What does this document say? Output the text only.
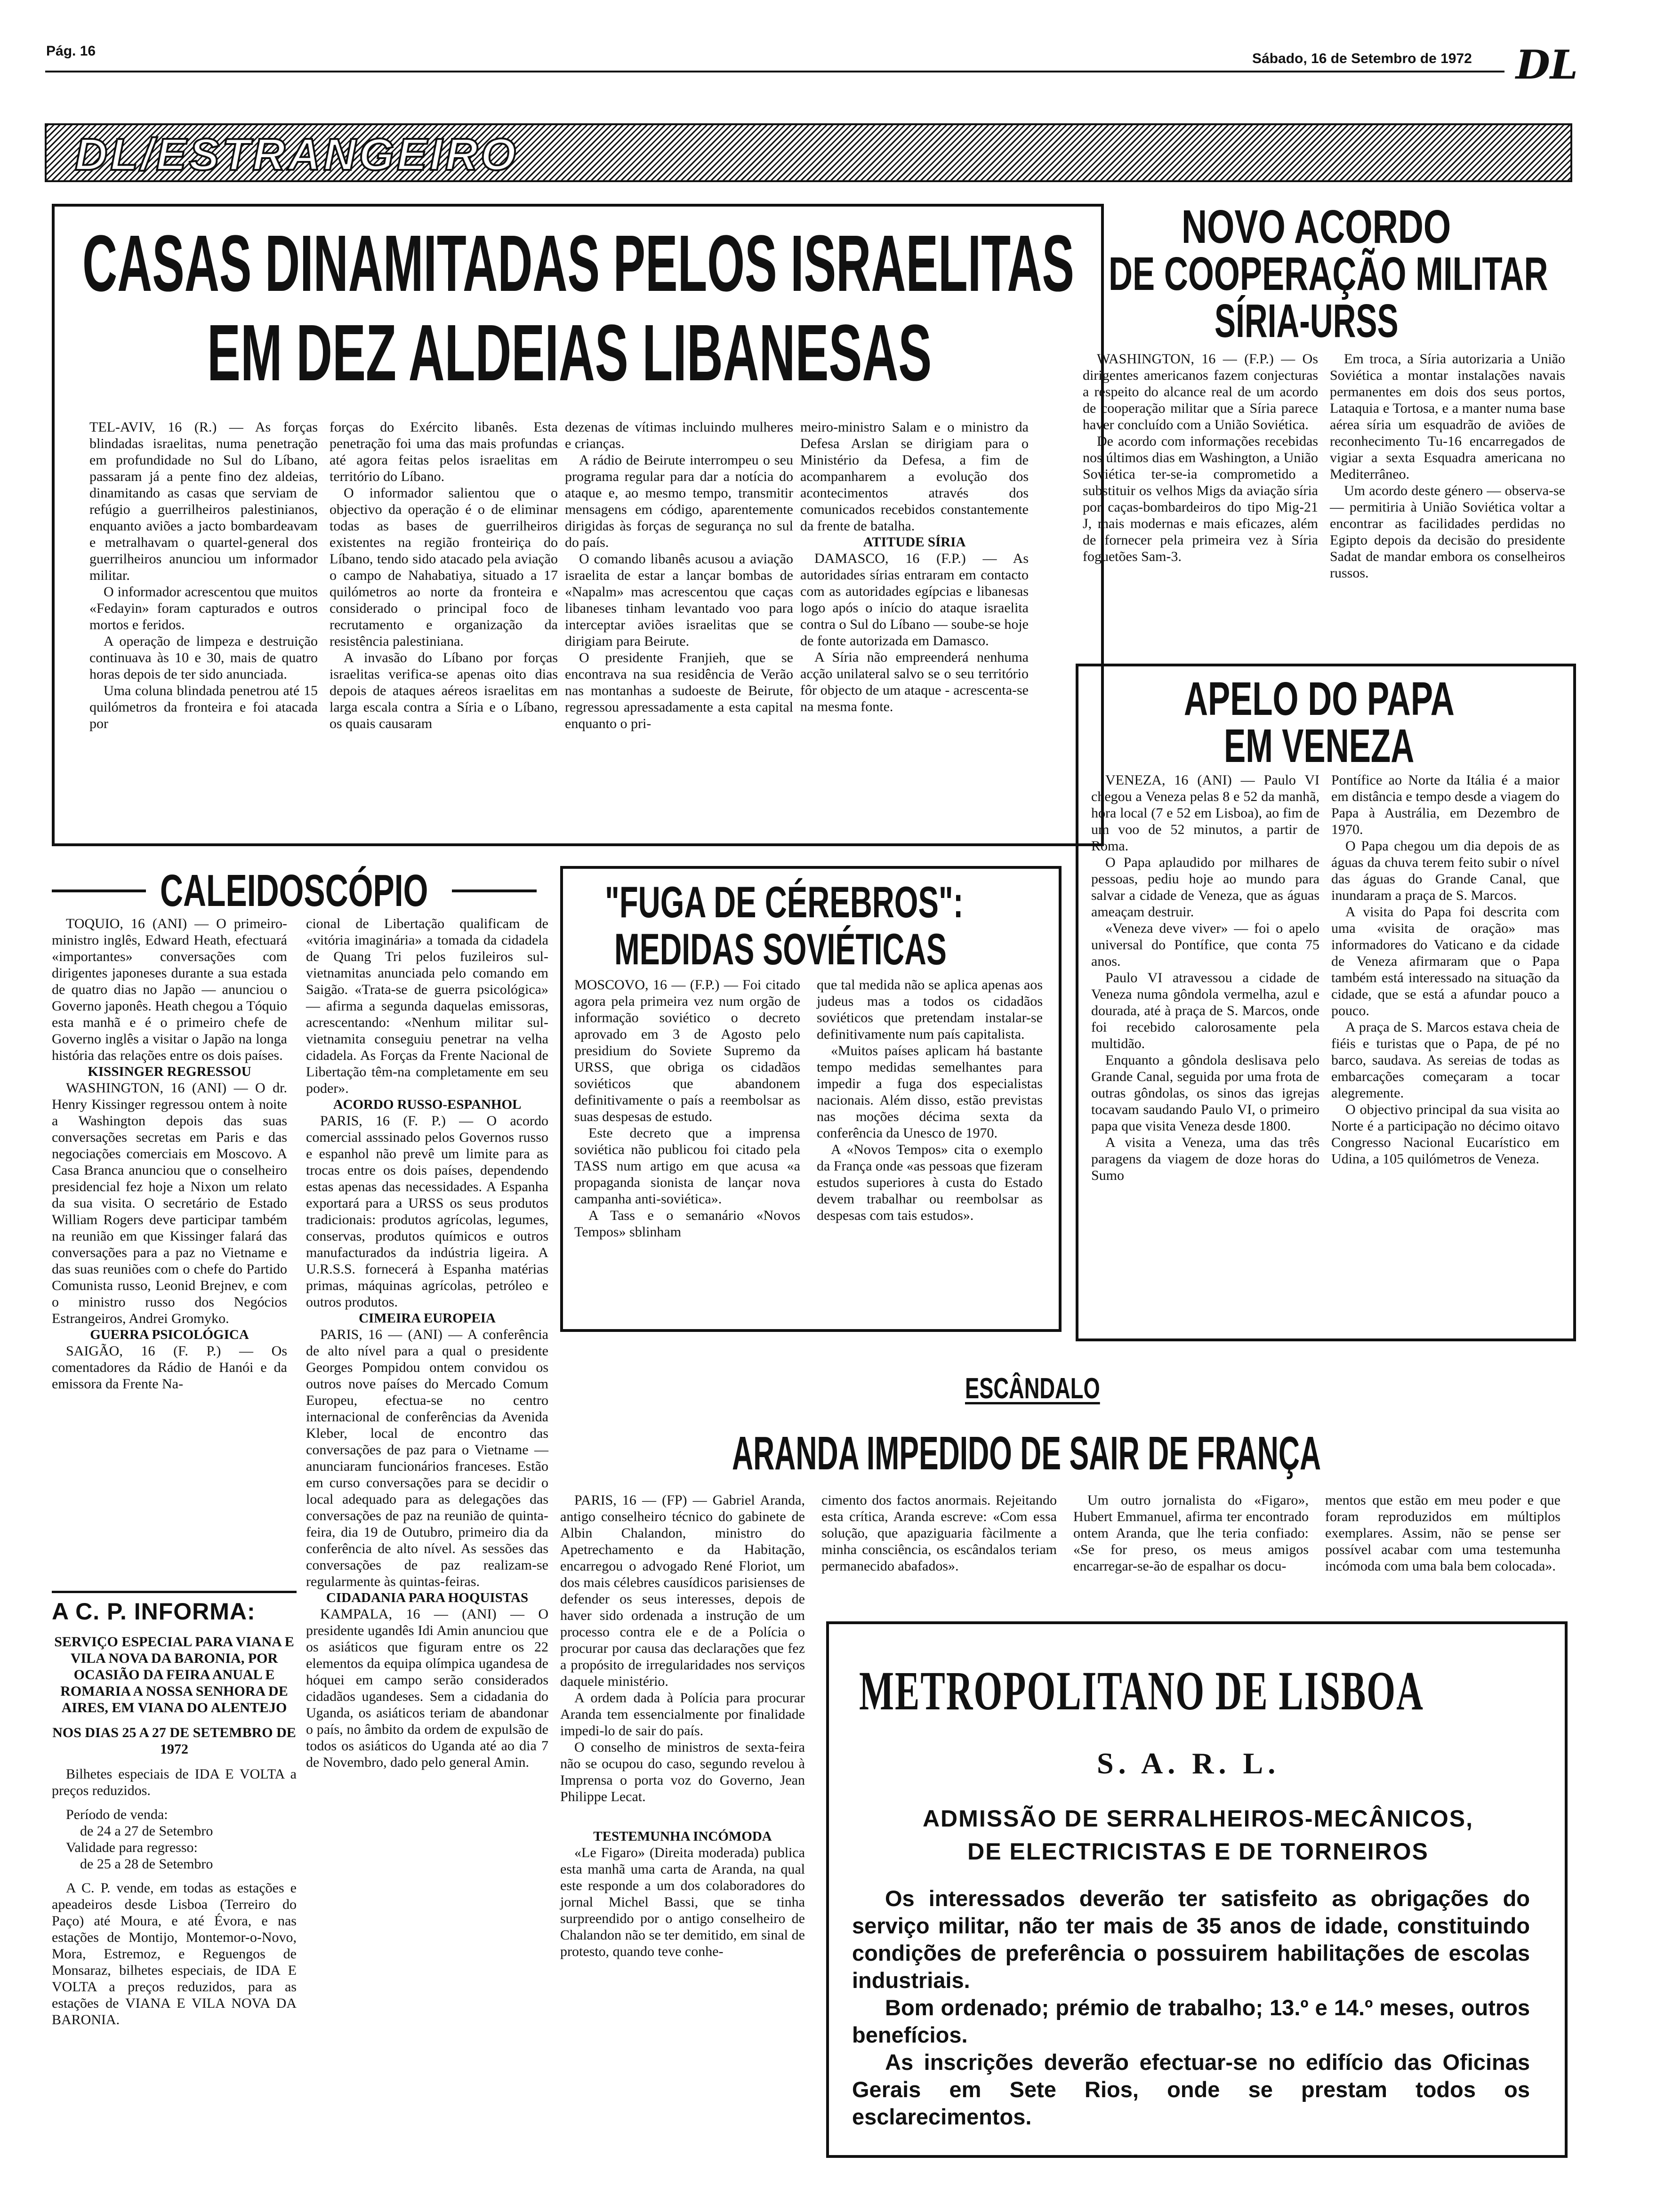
Pág. 16	Sábado, 16 de Setembro de 1972 DL
DL/ESTRANGEIRO
CASAS DINAMITADAS PELOS ISRAELITAS
EM DEZ ALDEIAS LIBANESAS

TEL-AVIV, 16 (R.) — As forças blindadas israelitas, numa penetração em profundidade no Sul do Líbano, passaram já a pente fino dez aldeias, dinamitando as casas que serviam de refúgio a guerrilheiros palestinianos, enquanto aviões a jacto bombardeavam e metralhavam o quartel-general dos guerrilheiros anunciou um informador militar.

O informador acrescentou que muitos «Fedayin» foram capturados e outros mortos e feridos.

A operação de limpeza e destruição continuava às 10 e 30, mais de quatro horas depois de ter sido anunciada.

Uma coluna blindada penetrou até 15 quilómetros da fronteira e foi atacada por

forças do Exército libanês. Esta penetração foi uma das mais profundas até agora feitas pelos israelitas em território do Líbano.

O informador salientou que o objectivo da operação é o de eliminar todas as bases de guerrilheiros existentes na região fronteiriça do Líbano, tendo sido atacado pela aviação o campo de Nahabatiya, situado a 17 quilómetros ao norte da fronteira e considerado o principal foco de recrutamento e organização da resistência palestiniana.

A invasão do Líbano por forças israelitas verifica-se apenas oito dias depois de ataques aéreos israelitas em larga escala contra a Síria e o Líbano, os quais causaram

dezenas de vítimas incluindo mulheres e crianças.

A rádio de Beirute interrompeu o seu programa regular para dar a notícia do ataque e, ao mesmo tempo, transmitir mensagens em código, aparentemente dirigidas às forças de segurança no sul do país.

O comando libanês acusou a aviação israelita de estar a lançar bombas de «Napalm» mas acrescentou que caças libaneses tinham levantado voo para interceptar aviões israelitas que se dirigiam para Beirute.

O presidente Franjieh, que se encontrava na sua residência de Verão nas montanhas a sudoeste de Beirute, regressou apressadamente a esta capital enquanto o pri-

meiro-ministro Salam e o ministro da Defesa Arslan se dirigiam para o Ministério da Defesa, a fim de acompanharem a evolução dos acontecimentos através dos comunicados recebidos constantemente da frente de batalha.

ATITUDE SÍRIA

DAMASCO, 16 (F.P.) — As autoridades sírias entraram em contacto com as autoridades egípcias e libanesas logo após o início do ataque israelita contra o Sul do Líbano — soube-se hoje de fonte autorizada em Damasco.

A Síria não empreenderá nenhuma acção unilateral salvo se o seu território fôr objecto de um ataque - acrescenta-se na mesma fonte.

NOVO ACORDO
DE COOPERAÇÃO MILITAR
SÍRIA-URSS

WASHINGTON, 16 — (F.P.) — Os dirigentes americanos fazem conjecturas a respeito do alcance real de um acordo de cooperação militar que a Síria parece haver concluído com a União Soviética.

De acordo com informações recebidas nos últimos dias em Washington, a União Soviética ter-se-ia comprometido a substituir os velhos Migs da aviação síria por caças-bombardeiros do tipo Mig-21 J, mais modernas e mais eficazes, além de fornecer pela primeira vez à Síria foguetões Sam-3.

Em troca, a Síria autorizaria a União Soviética a montar instalações navais permanentes em dois dos seus portos, Lataquia e Tortosa, e a manter numa base aérea síria um esquadrão de aviões de reconhecimento Tu-16 encarregados de vigiar a sexta Esquadra americana no Mediterrâneo.

Um acordo deste género — observa-se — permitiria à União Soviética voltar a encontrar as facilidades perdidas no Egipto depois da decisão do presidente Sadat de mandar embora os conselheiros russos.

APELO DO PAPA
EM VENEZA

VENEZA, 16 (ANI) — Paulo VI chegou a Veneza pelas 8 e 52 da manhã, hora local (7 e 52 em Lisboa), ao fim de um voo de 52 minutos, a partir de Roma.

O Papa aplaudido por milhares de pessoas, pediu hoje ao mundo para salvar a cidade de Veneza, que as águas ameaçam destruir.

«Veneza deve viver» — foi o apelo universal do Pontífice, que conta 75 anos.

Paulo VI atravessou a cidade de Veneza numa gôndola vermelha, azul e dourada, até à praça de S. Marcos, onde foi recebido calorosamente pela multidão.

Enquanto a gôndola deslisava pelo Grande Canal, seguida por uma frota de outras gôndolas, os sinos das igrejas tocavam saudando Paulo VI, o primeiro papa que visita Veneza desde 1800.

A visita a Veneza, uma das três paragens da viagem de doze horas do Sumo

Pontífice ao Norte da Itália é a maior em distância e tempo desde a viagem do Papa à Austrália, em Dezembro de 1970.

O Papa chegou um dia depois de as águas da chuva terem feito subir o nível das águas do Grande Canal, que inundaram a praça de S. Marcos.

A visita do Papa foi descrita com uma «visita de oração» mas informadores do Vaticano e da cidade de Veneza afirmaram que o Papa também está interessado na situação da cidade, que se está a afundar pouco a pouco.

A praça de S. Marcos estava cheia de fiéis e turistas que o Papa, de pé no barco, saudava. As sereias de todas as embarcações começaram a tocar alegremente.

O objectivo principal da sua visita ao Norte é a participação no décimo oitavo Congresso Nacional Eucarístico em Udina, a 105 quilómetros de Veneza.

CALEIDOSCÓPIO

TOQUIO, 16 (ANI) — O primeiro-ministro inglês, Edward Heath, efectuará «importantes» conversações com dirigentes japoneses durante a sua estada de quatro dias no Japão — anunciou o Governo japonês. Heath chegou a Tóquio esta manhã e é o primeiro chefe de Governo inglês a visitar o Japão na longa história das relações entre os dois países.

KISSINGER REGRESSOU

WASHINGTON, 16 (ANI) — O dr. Henry Kissinger regressou ontem à noite a Washington depois das suas conversações secretas em Paris e das negociações comerciais em Moscovo. A Casa Branca anunciou que o conselheiro presidencial fez hoje a Nixon um relato da sua visita. O secretário de Estado William Rogers deve participar também na reunião em que Kissinger falará das conversações para a paz no Vietname e das suas reuniões com o chefe do Partido Comunista russo, Leonid Brejnev, e com o ministro russo dos Negócios Estrangeiros, Andrei Gromyko.

GUERRA PSICOLÓGICA

SAIGÃO, 16 (F. P.) — Os comentadores da Rádio de Hanói e da emissora da Frente Na-

cional de Libertação qualificam de «vitória imaginária» a tomada da cidadela de Quang Tri pelos fuzileiros sul-vietnamitas anunciada pelo comando em Saigão. «Trata-se de guerra psicológica» — afirma a segunda daquelas emissoras, acrescentando: «Nenhum militar sul-vietnamita conseguiu penetrar na velha cidadela. As Forças da Frente Nacional de Libertação têm-na completamente em seu poder».

ACORDO RUSSO-ESPANHOL

PARIS, 16 (F. P.) — O acordo comercial asssinado pelos Governos russo e espanhol não prevê um limite para as trocas entre os dois países, dependendo estas apenas das necessidades. A Espanha exportará para a URSS os seus produtos tradicionais: produtos agrícolas, legumes, conservas, produtos químicos e outros manufacturados da indústria ligeira. A U.R.S.S. fornecerá à Espanha matérias primas, máquinas agrícolas, petróleo e outros produtos.

CIMEIRA EUROPEIA

PARIS, 16 — (ANI) — A conferência de alto nível para a qual o presidente Georges Pompidou ontem convidou os outros nove países do Mercado Comum Europeu, efectua-se no centro internacional de conferências da Avenida Kleber, local de encontro das conversações de paz para o Vietname — anunciaram funcionários franceses. Estão em curso conversações para se decidir o local adequado para as delegações das conversações de paz na reunião de quinta-feira, dia 19 de Outubro, primeiro dia da conferência de alto nível. As sessões das conversações de paz realizam-se regularmente às quintas-feiras.

CIDADANIA PARA HOQUISTAS

KAMPALA, 16 — (ANI) — O presidente ugandês Idi Amin anunciou que os asiáticos que figuram entre os 22 elementos da equipa olímpica ugandesa de hóquei em campo serão considerados cidadãos ugandeses. Sem a cidadania do Uganda, os asiáticos teriam de abandonar o país, no âmbito da ordem de expulsão de todos os asiáticos do Uganda até ao dia 7 de Novembro, dado pelo general Amin.

A C. P. INFORMA:
SERVIÇO ESPECIAL PARA VIANA E VILA NOVA DA BARONIA, POR OCASIÃO DA FEIRA ANUAL E ROMARIA A NOSSA SENHORA DE AIRES, EM VIANA DO ALENTEJO
NOS DIAS 25 A 27 DE SETEMBRO DE 1972

Bilhetes especiais de IDA E VOLTA a preços reduzidos.

Período de venda:

de 24 a 27 de Setembro

Validade para regresso:

de 25 a 28 de Setembro

A C. P. vende, em todas as estações e apeadeiros desde Lisboa (Terreiro do Paço) até Moura, e até Évora, e nas estações de Montijo, Montemor-o-Novo, Mora, Estremoz, e Reguengos de Monsaraz, bilhetes especiais, de IDA E VOLTA a preços reduzidos, para as estações de VIANA E VILA NOVA DA BARONIA.

"FUGA DE CÉREBROS":
MEDIDAS SOVIÉTICAS

MOSCOVO, 16 — (F.P.) — Foi citado agora pela primeira vez num orgão de informação soviético o decreto aprovado em 3 de Agosto pelo presidium do Soviete Supremo da URSS, que obriga os cidadãos soviéticos que abandonem definitivamente o país a reembolsar as suas despesas de estudo.

Este decreto que a imprensa soviética não publicou foi citado pela TASS num artigo em que acusa «a propaganda sionista de lançar nova campanha anti-soviética».

A Tass e o semanário «Novos Tempos» sblinham

que tal medida não se aplica apenas aos judeus mas a todos os cidadãos soviéticos que pretendam instalar-se definitivamente num país capitalista.

«Muitos países aplicam há bastante tempo medidas semelhantes para impedir a fuga dos especialistas nacionais. Além disso, estão previstas nas moções décima sexta da conferência da Unesco de 1970.

A «Novos Tempos» cita o exemplo da França onde «as pessoas que fizeram estudos superiores à custa do Estado devem trabalhar ou reembolsar as despesas com tais estudos».

ESCÂNDALO
ARANDA IMPEDIDO DE SAIR DE FRANÇA

PARIS, 16 — (FP) — Gabriel Aranda, antigo conselheiro técnico do gabinete de Albin Chalandon, ministro do Apetrechamento e da Habitação, encarregou o advogado René Floriot, um dos mais célebres causídicos parisienses de defender os seus interesses, depois de haver sido ordenada a instrução de um processo contra ele e de a Polícia o procurar por causa das declarações que fez a propósito de irregularidades nos serviços daquele ministério.

A ordem dada à Polícia para procurar Aranda tem essencialmente por finalidade impedi-lo de sair do país.

O conselho de ministros de sexta-feira não se ocupou do caso, segundo revelou à Imprensa o porta voz do Governo, Jean Philippe Lecat.

TESTEMUNHA INCÓMODA

«Le Figaro» (Direita moderada) publica esta manhã uma carta de Aranda, na qual este responde a um dos colaboradores do jornal Michel Bassi, que se tinha surpreendido por o antigo conselheiro de Chalandon não se ter demitido, em sinal de protesto, quando teve conhe-

cimento dos factos anormais. Rejeitando esta crítica, Aranda escreve: «Com essa solução, que apaziguaria fàcilmente a minha consciência, os escândalos teriam permanecido abafados».

Um outro jornalista do «Figaro», Hubert Emmanuel, afirma ter encontrado ontem Aranda, que lhe teria confiado: «Se for preso, os meus amigos encarregar-se-ão de espalhar os docu-

mentos que estão em meu poder e que foram reproduzidos em múltiplos exemplares. Assim, não se pense ser possível acabar com uma testemunha incómoda com uma bala bem colocada».

METROPOLITANO DE LISBOA
S. A. R. L.
ADMISSÃO DE SERRALHEIROS-MECÂNICOS,
DE ELECTRICISTAS E DE TORNEIROS
Os interessados deverão ter satisfeito as obrigações do serviço militar, não ter mais de 35 anos de idade, constituindo condições de preferência o possuirem habilitações de escolas industriais.
Bom ordenado; prémio de trabalho; 13.º e 14.º meses, outros benefícios.
As inscrições deverão efectuar-se no edifício das Oficinas Gerais em Sete Rios, onde se prestam todos os esclarecimentos.
